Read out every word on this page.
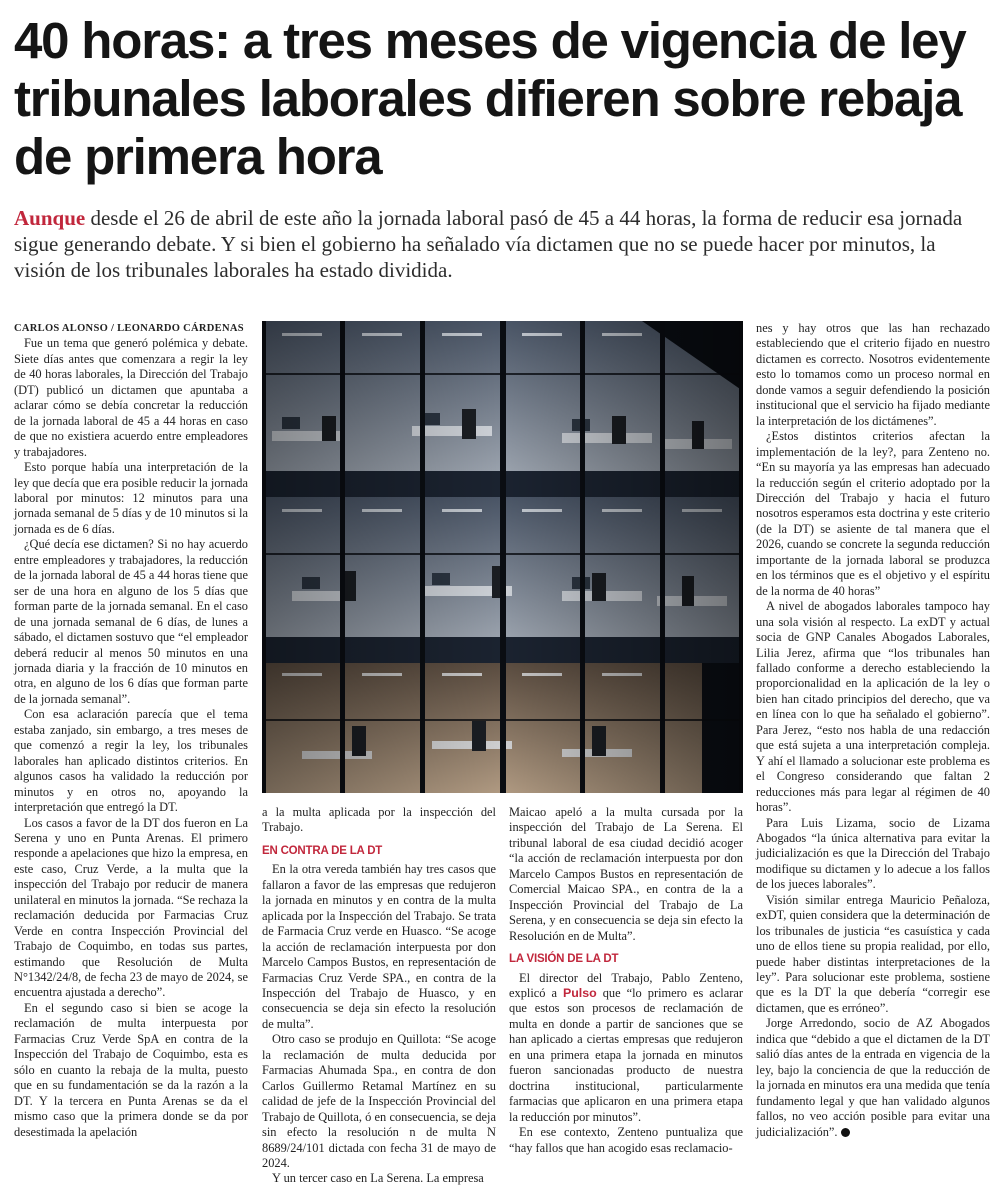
40 horas: a tres meses de vigencia de ley tribunales laborales difieren sobre rebaja de primera hora

Aunque desde el 26 de abril de este año la jornada laboral pasó de 45 a 44 horas, la forma de reducir esa jornada sigue generando debate. Y si bien el gobierno ha señalado vía dictamen que no se puede hacer por minutos, la visión de los tribunales laborales ha estado dividida.

CARLOS ALONSO / LEONARDO CÁRDENAS

Fue un tema que generó polémica y debate. Siete días antes que comenzara a regir la ley de 40 horas laborales, la Dirección del Trabajo (DT) publicó un dictamen que apuntaba a aclarar cómo se debía concretar la reducción de la jornada laboral de 45 a 44 horas en caso de que no existiera acuerdo entre empleadores y trabajadores.

Esto porque había una interpretación de la ley que decía que era posible reducir la jornada laboral por minutos: 12 minutos para una jornada semanal de 5 días y de 10 minutos si la jornada es de 6 días.

¿Qué decía ese dictamen? Si no hay acuerdo entre empleadores y trabajadores, la reducción de la jornada laboral de 45 a 44 horas tiene que ser de una hora en alguno de los 5 días que forman parte de la jornada semanal. En el caso de una jornada semanal de 6 días, de lunes a sábado, el dictamen sostuvo que “el empleador deberá reducir al menos 50 minutos en una jornada diaria y la fracción de 10 minutos en otra, en alguno de los 6 días que forman parte de la jornada semanal”.

Con esa aclaración parecía que el tema estaba zanjado, sin embargo, a tres meses de que comenzó a regir la ley, los tribunales laborales han aplicado distintos criterios. En algunos casos ha validado la reducción por minutos y en otros no, apoyando la interpretación que entregó la DT.

Los casos a favor de la DT dos fueron en La Serena y uno en Punta Arenas. El primero responde a apelaciones que hizo la empresa, en este caso, Cruz Verde, a la multa que la inspección del Trabajo por reducir de manera unilateral en minutos la jornada. “Se rechaza la reclamación deducida por Farmacias Cruz Verde en contra Inspección Provincial del Trabajo de Coquimbo, en todas sus partes, estimando que Resolución de Multa N°1342/24/8, de fecha 23 de mayo de 2024, se encuentra ajustada a derecho”.

En el segundo caso si bien se acoge la reclamación de multa interpuesta por Farmacias Cruz Verde SpA en contra de la Inspección del Trabajo de Coquimbo, esta es sólo en cuanto la rebaja de la multa, puesto que en su fundamentación se da la razón a la DT. Y la tercera en Punta Arenas se da el mismo caso que la primera donde se da por desestimada la apelación

a la multa aplicada por la inspección del Trabajo.

EN CONTRA DE LA DT

En la otra vereda también hay tres casos que fallaron a favor de las empresas que redujeron la jornada en minutos y en contra de la multa aplicada por la Inspección del Trabajo. Se trata de Farmacia Cruz verde en Huasco. “Se acoge la acción de reclamación interpuesta por don Marcelo Campos Bustos, en representación de Farmacias Cruz Verde SPA., en contra de la Inspección del Trabajo de Huasco, y en consecuencia se deja sin efecto la resolución de multa”.

Otro caso se produjo en Quillota: “Se acoge la reclamación de multa deducida por Farmacias Ahumada Spa., en contra de don Carlos Guillermo Retamal Martínez en su calidad de jefe de la Inspección Provincial del Trabajo de Quillota, ó en consecuencia, se deja sin efecto la resolución n de multa N 8689/24/101 dictada con fecha 31 de mayo de 2024.

Y un tercer caso en La Serena. La empresa

Maicao apeló a la multa cursada por la inspección del Trabajo de La Serena. El tribunal laboral de esa ciudad decidió acoger “la acción de reclamación interpuesta por don Marcelo Campos Bustos en representación de Comercial Maicao SPA., en contra de la a Inspección Provincial del Trabajo de La Serena, y en consecuencia se deja sin efecto la Resolución en de Multa”.

LA VISIÓN DE LA DT

El director del Trabajo, Pablo Zenteno, explicó a Pulso que “lo primero es aclarar que estos son procesos de reclamación de multa en donde a partir de sanciones que se han aplicado a ciertas empresas que redujeron en una primera etapa la jornada en minutos fueron sancionadas producto de nuestra doctrina institucional, particularmente farmacias que aplicaron en una primera etapa la reducción por minutos”.

En ese contexto, Zenteno puntualiza que “hay fallos que han acogido esas reclamacio-

nes y hay otros que las han rechazado estableciendo que el criterio fijado en nuestro dictamen es correcto. Nosotros evidentemente esto lo tomamos como un proceso normal en donde vamos a seguir defendiendo la posición institucional que el servicio ha fijado mediante la interpretación de los dictámenes”.

¿Estos distintos criterios afectan la implementación de la ley?, para Zenteno no. “En su mayoría ya las empresas han adecuado la reducción según el criterio adoptado por la Dirección del Trabajo y hacia el futuro nosotros esperamos esta doctrina y este criterio (de la DT) se asiente de tal manera que el 2026, cuando se concrete la segunda reducción importante de la jornada laboral se produzca en los términos que es el objetivo y el espíritu de la norma de 40 horas”

A nivel de abogados laborales tampoco hay una sola visión al respecto. La exDT y actual socia de GNP Canales Abogados Laborales, Lilia Jerez, afirma que “los tribunales han fallado conforme a derecho estableciendo la proporcionalidad en la aplicación de la ley o bien han citado principios del derecho, que va en línea con lo que ha señalado el gobierno”. Para Jerez, “esto nos habla de una redacción que está sujeta a una interpretación compleja. Y ahí el llamado a solucionar este problema es el Congreso considerando que faltan 2 reducciones más para legar al régimen de 40 horas”.

Para Luis Lizama, socio de Lizama Abogados “la única alternativa para evitar la judicialización es que la Dirección del Trabajo modifique su dictamen y lo adecue a los fallos de los jueces laborales”.

Visión similar entrega Mauricio Peñaloza, exDT, quien considera que la determinación de los tribunales de justicia “es casuística y cada uno de ellos tiene su propia realidad, por ello, puede haber distintas interpretaciones de la ley”. Para solucionar este problema, sostiene que es la DT la que debería “corregir ese dictamen, que es erróneo”.

Jorge Arredondo, socio de AZ Abogados indica que “debido a que el dictamen de la DT salió días antes de la entrada en vigencia de la ley, bajo la conciencia de que la reducción de la jornada en minutos era una medida que tenía fundamento legal y que han validado algunos fallos, no veo acción posible para evitar una judicialización”.
